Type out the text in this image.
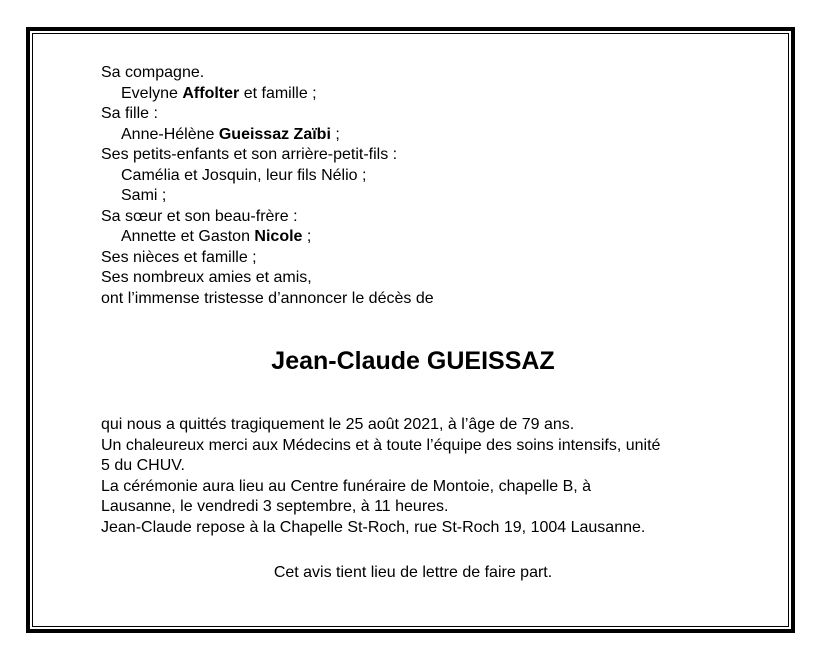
Sa compagne.
Evelyne Affolter et famille ;
Sa fille :
Anne-Hélène Gueissaz Zaïbi ;
Ses petits-enfants et son arrière-petit-fils :
Camélia et Josquin, leur fils Nélio ;
Sami ;
Sa sœur et son beau-frère :
Annette et Gaston Nicole ;
Ses nièces et famille ;
Ses nombreux amies et amis,
ont l’immense tristesse d’annoncer le décès de
Jean-Claude GUEISSAZ
qui nous a quittés tragiquement le 25 août 2021, à l’âge de 79 ans.
Un chaleureux merci aux Médecins et à toute l’équipe des soins intensifs, unité
5 du CHUV.
La cérémonie aura lieu au Centre funéraire de Montoie, chapelle B, à
Lausanne, le vendredi 3 septembre, à 11 heures.
Jean-Claude repose à la Chapelle St-Roch, rue St-Roch 19, 1004 Lausanne.
Cet avis tient lieu de lettre de faire part.
